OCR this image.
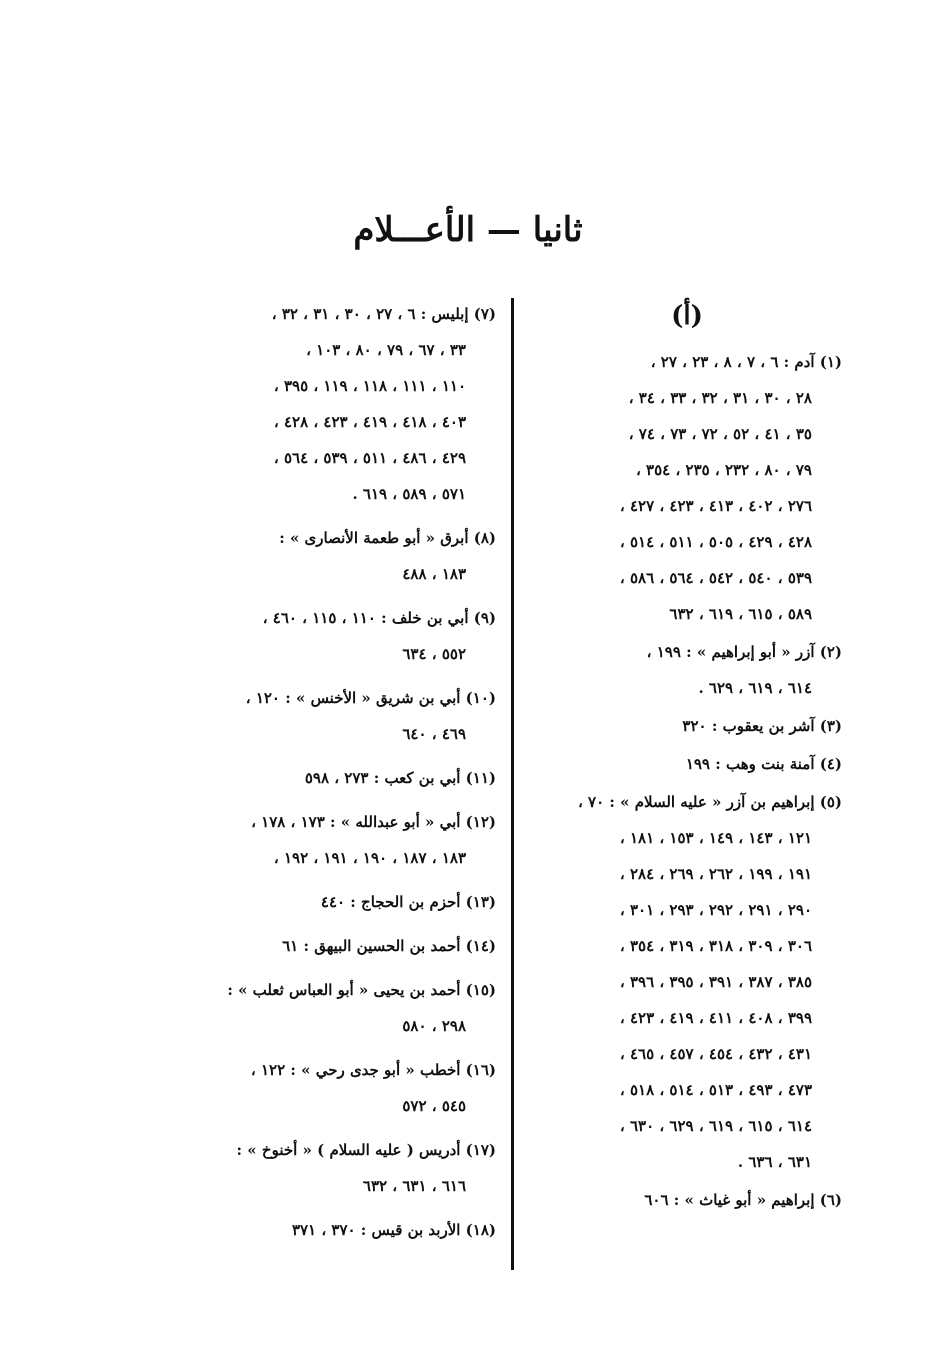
ثانيا — الأعـــلام
(أ)
(١) آدم : ٦ ، ٧ ، ٨ ، ٢٣ ، ٢٧ ،
٢٨ ، ٣٠ ، ٣١ ، ٣٢ ، ٣٣ ، ٣٤ ،
٣٥ ، ٤١ ، ٥٢ ، ٧٢ ، ٧٣ ، ٧٤ ،
٧٩ ، ٨٠ ، ٢٣٢ ، ٢٣٥ ، ٣٥٤ ،
٢٧٦ ، ٤٠٢ ، ٤١٣ ، ٤٢٣ ، ٤٢٧ ،
٤٢٨ ، ٤٢٩ ، ٥٠٥ ، ٥١١ ، ٥١٤ ،
٥٣٩ ، ٥٤٠ ، ٥٤٢ ، ٥٦٤ ، ٥٨٦ ،
٥٨٩ ، ٦١٥ ، ٦١٩ ، ٦٣٢
(٢) آزر « أبو إبراهيم » : ١٩٩ ،
٦١٤ ، ٦١٩ ، ٦٢٩ .
(٣) آشر بن يعقوب : ٣٢٠
(٤) آمنة بنت وهب : ١٩٩
(٥) إبراهيم بن آزر « عليه السلام » : ٧٠ ،
١٢١ ، ١٤٣ ، ١٤٩ ، ١٥٣ ، ١٨١ ،
١٩١ ، ١٩٩ ، ٢٦٢ ، ٢٦٩ ، ٢٨٤ ،
٢٩٠ ، ٢٩١ ، ٢٩٢ ، ٢٩٣ ، ٣٠١ ،
٣٠٦ ، ٣٠٩ ، ٣١٨ ، ٣١٩ ، ٣٥٤ ،
٣٨٥ ، ٣٨٧ ، ٣٩١ ، ٣٩٥ ، ٣٩٦ ،
٣٩٩ ، ٤٠٨ ، ٤١١ ، ٤١٩ ، ٤٢٣ ،
٤٣١ ، ٤٣٢ ، ٤٥٤ ، ٤٥٧ ، ٤٦٥ ،
٤٧٣ ، ٤٩٣ ، ٥١٣ ، ٥١٤ ، ٥١٨ ،
٦١٤ ، ٦١٥ ، ٦١٩ ، ٦٢٩ ، ٦٣٠ ،
٦٣١ ، ٦٣٦ .
(٦) إبراهيم « أبو غياث » : ٦٠٦
(٧) إبليس : ٦ ، ٢٧ ، ٣٠ ، ٣١ ، ٣٢ ،
٣٣ ، ٦٧ ، ٧٩ ، ٨٠ ، ١٠٣ ،
١١٠ ، ١١١ ، ١١٨ ، ١١٩ ، ٣٩٥ ،
٤٠٣ ، ٤١٨ ، ٤١٩ ، ٤٢٣ ، ٤٢٨ ،
٤٢٩ ، ٤٨٦ ، ٥١١ ، ٥٣٩ ، ٥٦٤ ،
٥٧١ ، ٥٨٩ ، ٦١٩ .
(٨) أبرق « أبو طعمة الأنصارى » :
١٨٣ ، ٤٨٨
(٩) أبي بن خلف : ١١٠ ، ١١٥ ، ٤٦٠ ،
٥٥٢ ، ٦٣٤
(١٠) أبي بن شريق « الأخنس » : ١٢٠ ،
٤٦٩ ، ٦٤٠
(١١) أبي بن كعب : ٢٧٣ ، ٥٩٨
(١٢) أبي « أبو عبدالله » : ١٧٣ ، ١٧٨ ،
١٨٣ ، ١٨٧ ، ١٩٠ ، ١٩١ ، ١٩٢ ،
(١٣) أحزم بن الحجاج : ٤٤٠
(١٤) أحمد بن الحسين البيهق : ٦١
(١٥) أحمد بن يحيى « أبو العباس ثعلب » :
٢٩٨ ، ٥٨٠
(١٦) أخطب « أبو جدى رحي » : ١٢٢ ،
٥٤٥ ، ٥٧٢
(١٧) أدريس ( عليه السلام ) « أخنوخ » :
٦١٦ ، ٦٣١ ، ٦٣٢
(١٨) الأربد بن قيس : ٣٧٠ ، ٣٧١
